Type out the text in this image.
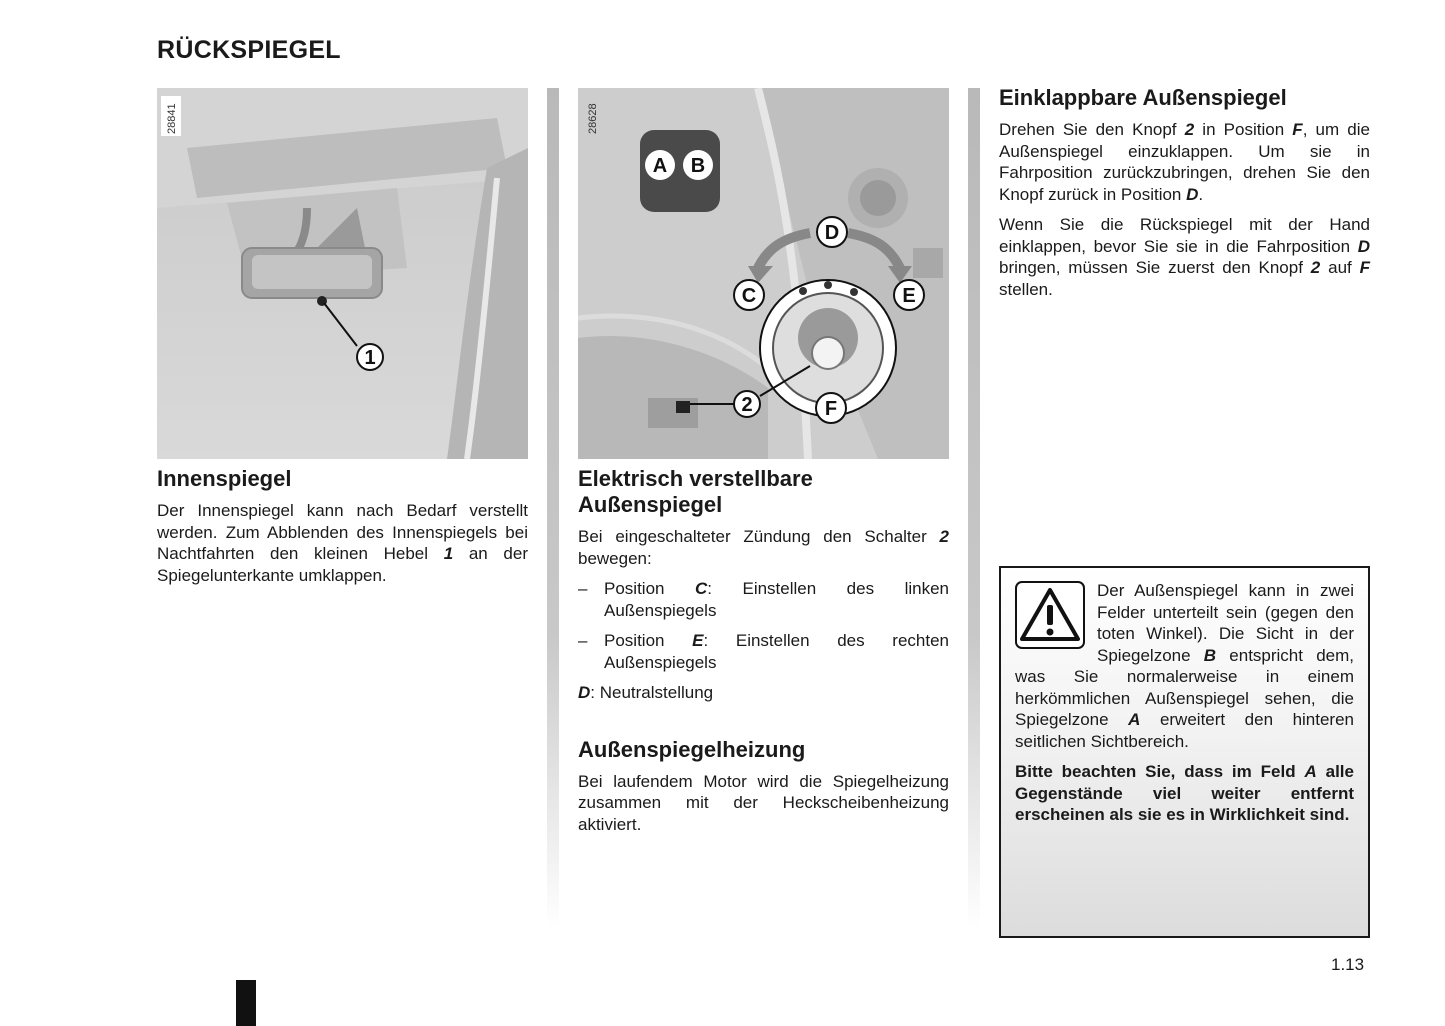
RÜCKSPIEGEL
1
28841
A B
D
C	E
2	F
28628
Innenspiegel

Der Innenspiegel kann nach Bedarf verstellt werden. Zum Abblenden des Innenspiegels bei Nachtfahrten den kleinen Hebel 1 an der Spiegelunterkante umklappen.

Elektrisch verstellbare Außenspiegel

Bei eingeschalteter Zündung den Schalter 2 bewegen:

– Position C: Einstellen des linken Außenspiegels
– Position E: Einstellen des rechten Außenspiegels

D: Neutralstellung

Außenspiegelheizung

Bei laufendem Motor wird die Spiegelheizung zusammen mit der Heckscheibenheizung aktiviert.

Einklappbare Außenspiegel

Drehen Sie den Knopf 2 in Position F, um die Außenspiegel einzuklappen. Um sie in Fahrposition zurückzubringen, drehen Sie den Knopf zurück in Position D.

Wenn Sie die Rückspiegel mit der Hand einklappen, bevor Sie sie in die Fahrposition D bringen, müssen Sie zuerst den Knopf 2 auf F stellen.

Der Außenspiegel kann in zwei Felder unterteilt sein (gegen den toten Winkel). Die Sicht in der Spiegelzone B entspricht dem, was Sie normalerweise in einem herkömmlichen Außenspiegel sehen, die Spiegelzone A erweitert den hinteren seitlichen Sichtbereich.

Bitte beachten Sie, dass im Feld A alle Gegenstände viel weiter entfernt erscheinen als sie es in Wirklichkeit sind.

1.13
